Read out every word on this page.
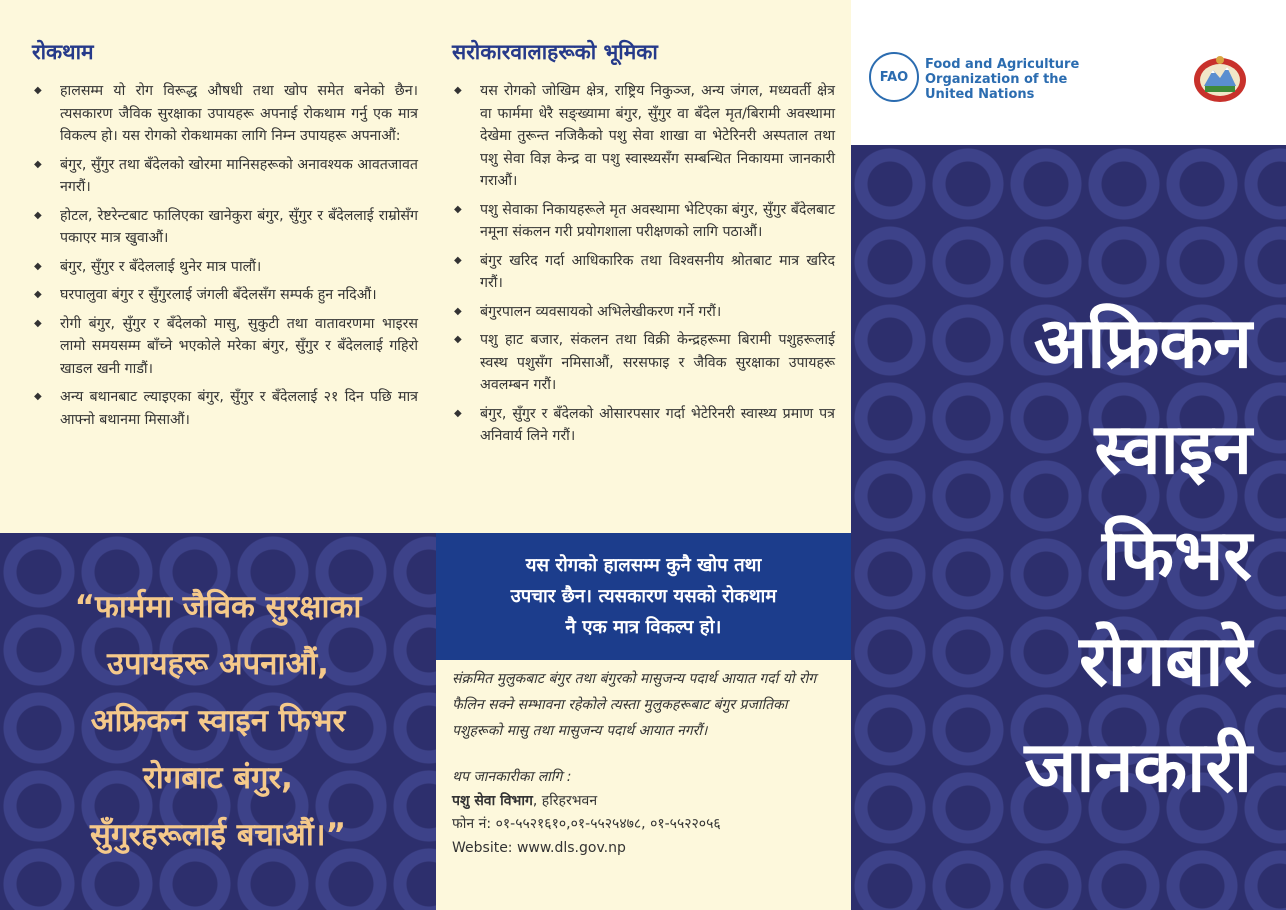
रोकथाम
◆ हालसम्म यो रोग विरूद्ध औषधी तथा खोप समेत बनेको छैन। त्यसकारण जैविक सुरक्षाका उपायहरू अपनाई रोकथाम गर्नु एक मात्र विकल्प हो। यस रोगको रोकथामका लागि निम्न उपायहरू अपनाऔं:
◆ बंगुर, सुँगुर तथा बँदेलको खोरमा मानिसहरूको अनावश्यक आवतजावत नगरौं।
◆ होटल, रेष्टरेन्टबाट फालिएका खानेकुरा बंगुर, सुँगुर र बँदेललाई राम्रोसँग पकाएर मात्र खुवाऔं।
◆ बंगुर, सुँगुर र बँदेललाई थुनेर मात्र पालौं।
◆ घरपालुवा बंगुर र सुँगुरलाई जंगली बँदेलसँग सम्पर्क हुन नदिऔं।
◆ रोगी बंगुर, सुँगुर र बँदेलको मासु, सुकुटी तथा वातावरणमा भाइरस लामो समयसम्म बाँच्ने भएकोले मरेका बंगुर, सुँगुर र बँदेललाई गहिरो खाडल खनी गाडौं।
◆ अन्य बथानबाट ल्याइएका बंगुर, सुँगुर र बँदेललाई २१ दिन पछि मात्र आफ्नो बथानमा मिसाऔं।
सरोकारवालाहरूको भूमिका
◆ यस रोगको जोखिम क्षेत्र, राष्ट्रिय निकुञ्ज, अन्य जंगल, मध्यवर्ती क्षेत्र वा फार्ममा धेरै सङ्ख्यामा बंगुर, सुँगुर वा बँदेल मृत/बिरामी अवस्थामा देखेमा तुरून्त नजिकैको पशु सेवा शाखा वा भेटेरिनरी अस्पताल तथा पशु सेवा विज्ञ केन्द्र वा पशु स्वास्थ्यसँग सम्बन्धित निकायमा जानकारी गराऔं।
◆ पशु सेवाका निकायहरूले मृत अवस्थामा भेटिएका बंगुर, सुँगुर बँदेलबाट नमूना संकलन गरी प्रयोगशाला परीक्षणको लागि पठाऔं।
◆ बंगुर खरिद गर्दा आधिकारिक तथा विश्वसनीय श्रोतबाट मात्र खरिद गरौं।
◆ बंगुरपालन व्यवसायको अभिलेखीकरण गर्ने गरौं।
◆ पशु हाट बजार, संकलन तथा विक्री केन्द्रहरूमा बिरामी पशुहरूलाई स्वस्थ पशुसँग नमिसाऔं, सरसफाइ र जैविक सुरक्षाका उपायहरू अवलम्बन गरौं।
◆ बंगुर, सुँगुर र बँदेलको ओसारपसार गर्दा भेटेरिनरी स्वास्थ्य प्रमाण पत्र अनिवार्य लिने गरौं।
“फार्ममा जैविक सुरक्षाका
उपायहरू अपनाऔं,
अफ्रिकन स्वाइन फिभर
रोगबाट बंगुर,
सुँगुरहरूलाई बचाऔं।”
यस रोगको हालसम्म कुनै खोप तथा
उपचार छैन। त्यसकारण यसको रोकथाम
नै एक मात्र विकल्प हो।

संक्रमित मुलुकबाट बंगुर तथा बंगुरको मासुजन्य पदार्थ आयात गर्दा यो रोग फैलिन सक्ने सम्भावना रहेकोले त्यस्ता मुलुकहरूबाट बंगुर प्रजातिका पशुहरूको मासु तथा मासुजन्य पदार्थ आयात नगरौं।

थप जानकारीका लागि :

पशु सेवा विभाग, हरिहरभवन

फोन नं: ०१-५५२१६१०,०१-५५२५४७८, ०१-५५२२०५६

Website: www.dls.gov.np

FAO
Food and Agriculture
Organization of the
United Nations
अफ्रिकन
स्वाइन
फिभर
रोगबारे
जानकारी
